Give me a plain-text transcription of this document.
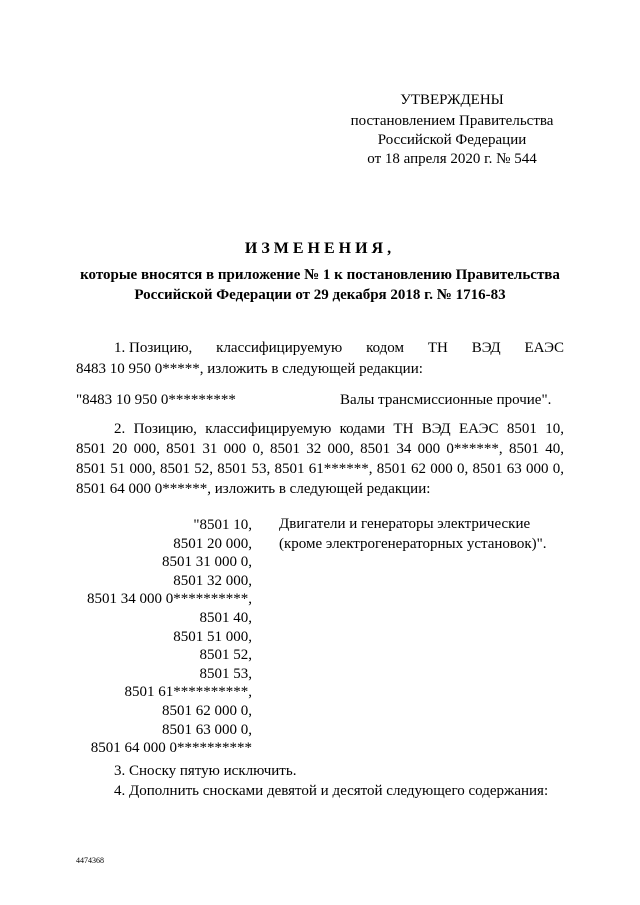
УТВЕРЖДЕНЫ
постановлением Правительства
Российской Федерации
от 18 апреля 2020 г. № 544
ИЗМЕНЕНИЯ,
которые вносятся в приложение № 1 к постановлению Правительства
Российской Федерации от 29 декабря 2018 г. № 1716-83
1. Позицию, классифицируемую кодом ТН ВЭД ЕАЭС
8483 10 950 0*****, изложить в следующей редакции:
"8483 10 950 0*********	Валы трансмиссионные прочие".
2. Позицию, классифицируемую кодами ТН ВЭД ЕАЭС 8501 10,
8501 20 000, 8501 31 000 0, 8501 32 000, 8501 34 000 0******, 8501 40,
8501 51 000, 8501 52, 8501 53, 8501 61******, 8501 62 000 0, 8501 63 000 0,
8501 64 000 0******, изложить в следующей редакции:
"8501 10,
8501 20 000,
8501 31 000 0,
8501 32 000,
8501 34 000 0**********,
8501 40,
8501 51 000,
8501 52,
8501 53,
8501 61**********,
8501 62 000 0,
8501 63 000 0,
8501 64 000 0**********
Двигатели и генераторы электрические
(кроме электрогенераторных установок)".
3. Сноску пятую исключить.
4. Дополнить сносками девятой и десятой следующего содержания:
4474368
